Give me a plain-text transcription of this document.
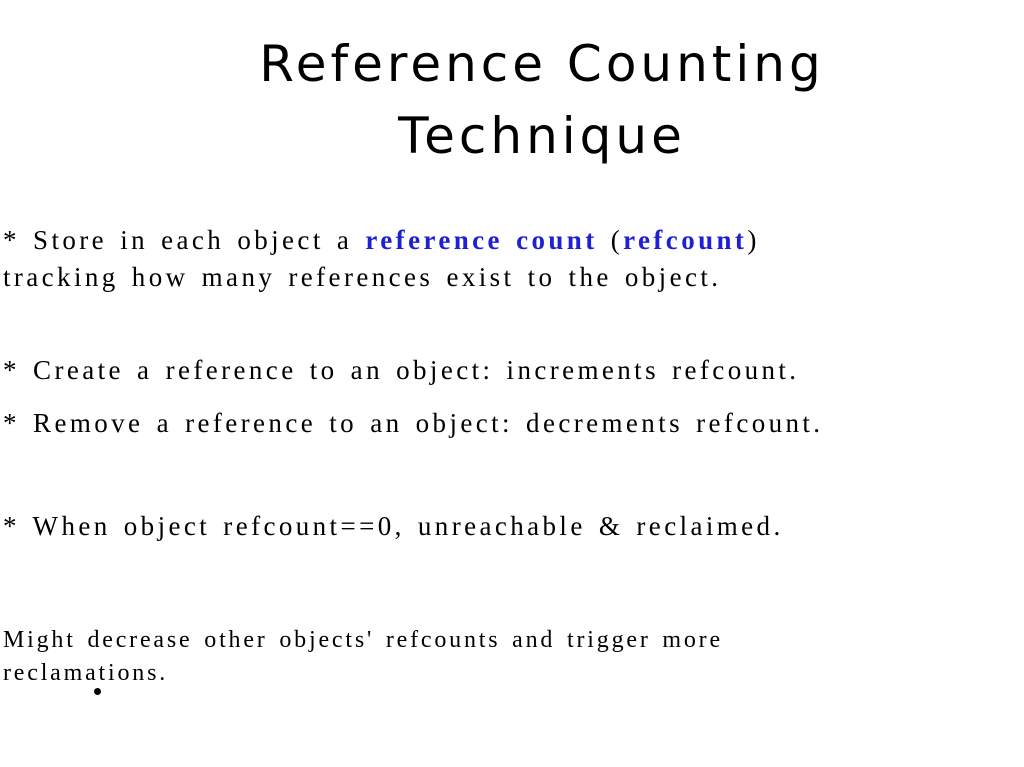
Reference Counting
Technique

* Store in each object a reference count (refcount)
tracking how many references exist to the object.

* Create a reference to an object: increments refcount.

* Remove a reference to an object: decrements refcount.

* When object refcount==0, unreachable & reclaimed.

Might decrease other objects' refcounts and trigger more
reclamations.
